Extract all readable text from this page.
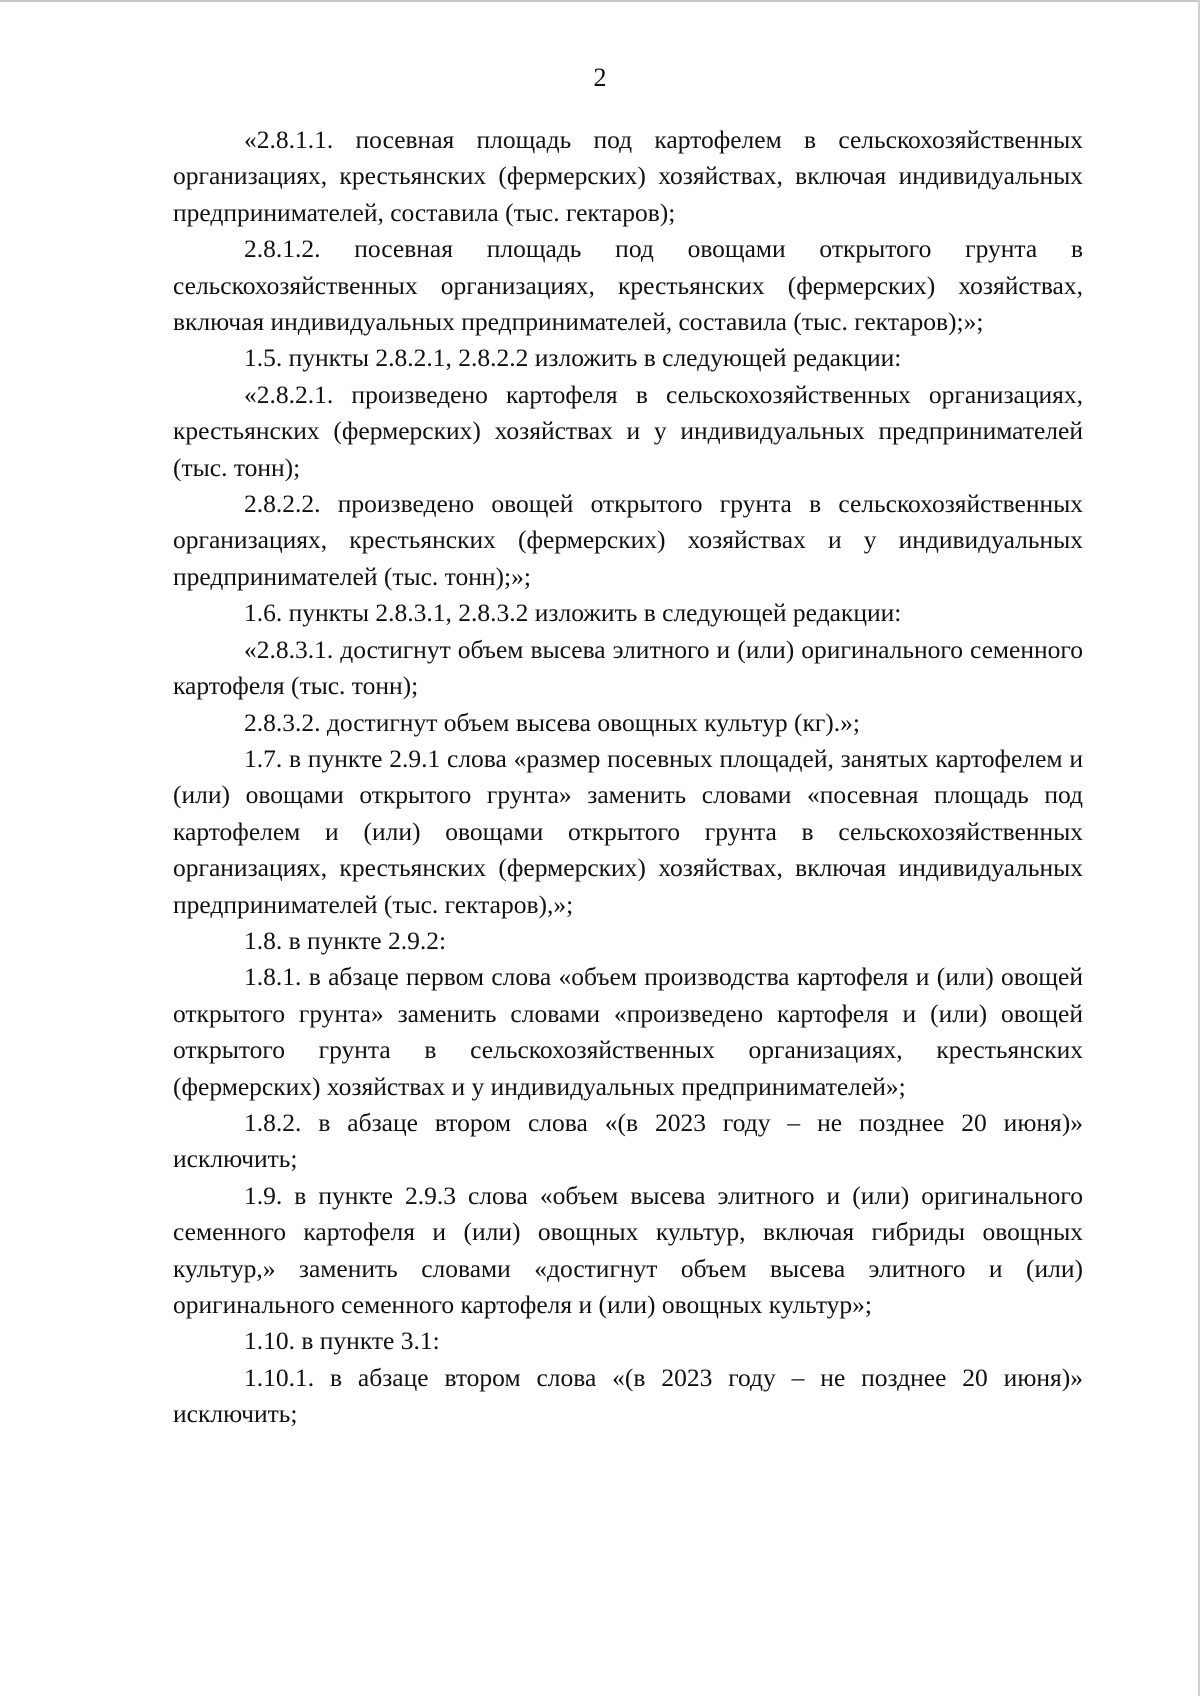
2

«2.8.1.1. посевная площадь под картофелем в сельскохозяйственных организациях, крестьянских (фермерских) хозяйствах, включая индивидуальных предпринимателей, составила (тыс. гектаров);

2.8.1.2. посевная площадь под овощами открытого грунта в сельскохозяйственных организациях, крестьянских (фермерских) хозяйствах, включая индивидуальных предпринимателей, составила (тыс. гектаров);»;

1.5. пункты 2.8.2.1, 2.8.2.2 изложить в следующей редакции:

«2.8.2.1. произведено картофеля в сельскохозяйственных организациях, крестьянских (фермерских) хозяйствах и у индивидуальных предпринимателей (тыс. тонн);

2.8.2.2. произведено овощей открытого грунта в сельскохозяйственных организациях, крестьянских (фермерских) хозяйствах и у индивидуальных предпринимателей (тыс. тонн);»;

1.6. пункты 2.8.3.1, 2.8.3.2 изложить в следующей редакции:

«2.8.3.1. достигнут объем высева элитного и (или) оригинального семенного картофеля (тыс. тонн);

2.8.3.2. достигнут объем высева овощных культур (кг).»;

1.7. в пункте 2.9.1 слова «размер посевных площадей, занятых картофелем и (или) овощами открытого грунта» заменить словами «посевная площадь под картофелем и (или) овощами открытого грунта в сельскохозяйственных организациях, крестьянских (фермерских) хозяйствах, включая индивидуальных предпринимателей (тыс. гектаров),»;

1.8. в пункте 2.9.2:

1.8.1. в абзаце первом слова «объем производства картофеля и (или) овощей открытого грунта» заменить словами «произведено картофеля и (или) овощей открытого грунта в сельскохозяйственных организациях, крестьянских (фермерских) хозяйствах и у индивидуальных предпринимателей»;

1.8.2. в абзаце втором слова «(в 2023 году – не позднее 20 июня)» исключить;

1.9. в пункте 2.9.3 слова «объем высева элитного и (или) оригинального семенного картофеля и (или) овощных культур, включая гибриды овощных культур,» заменить словами «достигнут объем высева элитного и (или) оригинального семенного картофеля и (или) овощных культур»;

1.10. в пункте 3.1:

1.10.1. в абзаце втором слова «(в 2023 году – не позднее 20 июня)» исключить;
